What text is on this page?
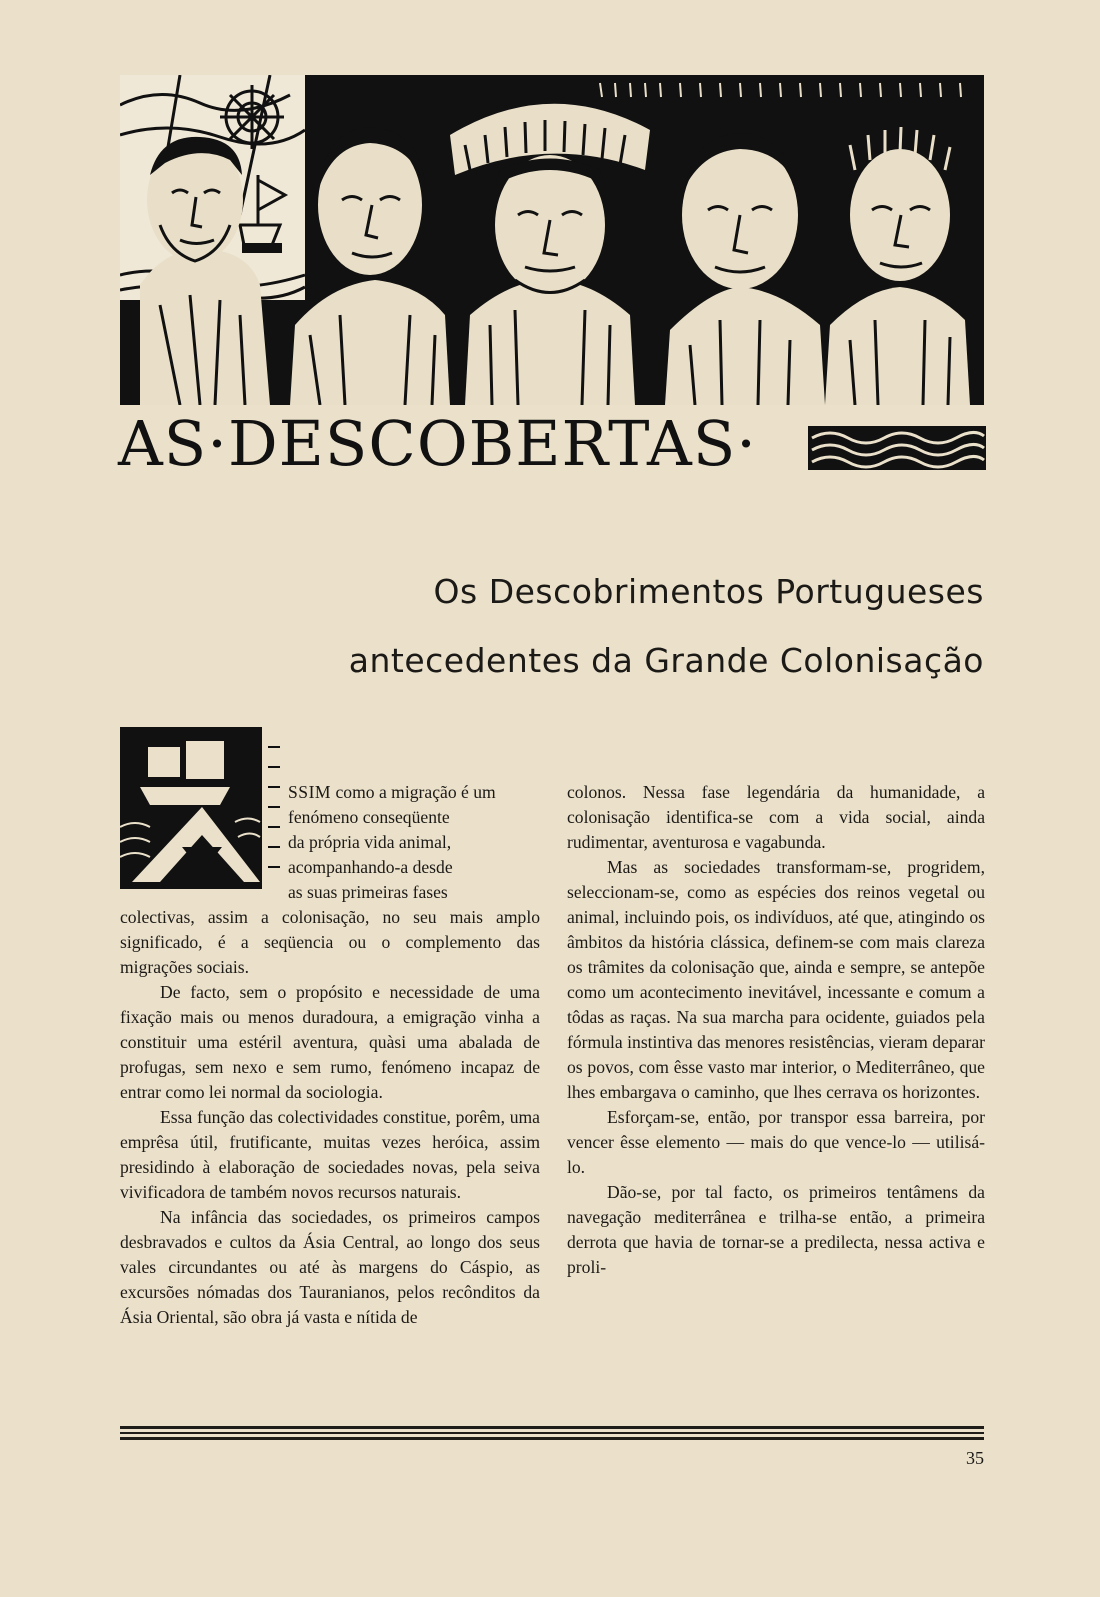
AS·DESCOBERTAS·
Os Descobrimentos Portugueses
antecedentes da Grande Colonisação
SSIM como a migração é um
fenómeno conseqüente
da própria vida animal,
acompanhando-a desde
as suas primeiras fases

colectivas, assim a colonisação, no seu mais amplo significado, é a seqüencia ou o complemento das migrações sociais.

De facto, sem o propósito e necessidade de uma fixação mais ou menos duradoura, a emigração vinha a constituir uma estéril aventura, quàsi uma abalada de profugas, sem nexo e sem rumo, fenómeno incapaz de entrar como lei normal da sociologia.

Essa função das colectividades constitue, porêm, uma emprêsa útil, frutificante, muitas vezes heróica, assim presidindo à elaboração de sociedades novas, pela seiva vivificadora de também novos recursos naturais.

Na infância das sociedades, os primeiros campos desbravados e cultos da Ásia Central, ao longo dos seus vales circundantes ou até às margens do Cáspio, as excursões nómadas dos Tauranianos, pelos recônditos da Ásia Oriental, são obra já vasta e nítida de

colonos. Nessa fase legendária da humanidade, a colonisação identifica-se com a vida social, ainda rudimentar, aventurosa e vagabunda.

Mas as sociedades transformam-se, progridem, seleccionam-se, como as espécies dos reinos vegetal ou animal, incluindo pois, os indivíduos, até que, atingindo os âmbitos da história clássica, definem-se com mais clareza os trâmites da colonisação que, ainda e sempre, se antepõe como um acontecimento inevitável, incessante e comum a tôdas as raças. Na sua marcha para ocidente, guiados pela fórmula instintiva das menores resistências, vieram deparar os povos, com êsse vasto mar interior, o Mediterrâneo, que lhes embargava o caminho, que lhes cerrava os horizontes.

Esforçam-se, então, por transpor essa barreira, por vencer êsse elemento — mais do que vence-lo — utilisá-lo.

Dão-se, por tal facto, os primeiros tentâmens da navegação mediterrânea e trilha-se então, a primeira derrota que havia de tornar-se a predilecta, nessa activa e proli-

35
